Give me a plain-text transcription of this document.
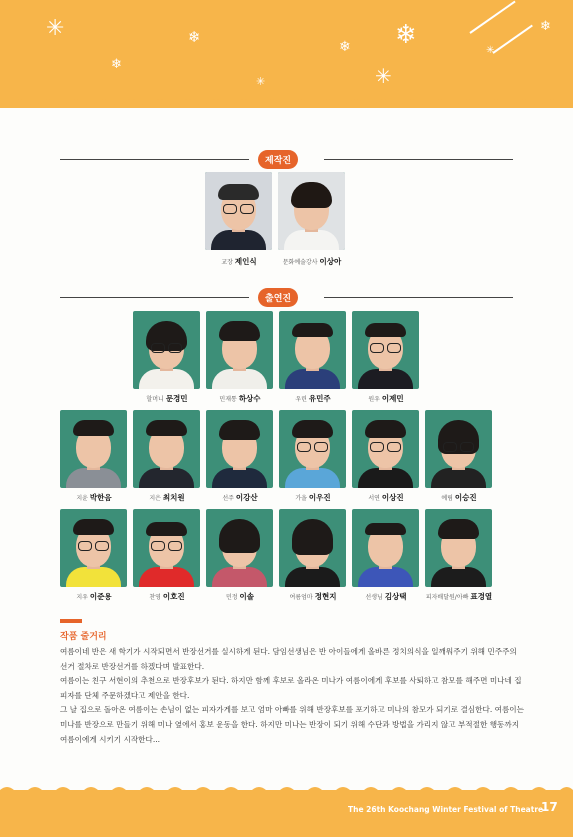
✳	❄
❄
✳
❄
✳
❄
✳
❄
제작진
교장 제인식	문화예술강사 이상아
출연진
할머니 문경민	민재통 하상수	우린 유민주	원우 이제민
지윤 박한음	지은 최치원	선주 이강산	가을 이우진	서연 이상진	예림 이승진
지우 이준용	찬영 이호진	민정 이솔	여름엄마 정현지	선생님 김상택	피자배달원/아빠 표경열
작품 줄거리

여름이네 반은 새 학기가 시작되면서 반장선거를 실시하게 된다. 담임선생님은 반 아이들에게 올바른 정치의식을 일깨워주기 위해 민주주의 선거 절차로 반장선거를 하겠다며 발표한다.

여름이는 친구 서현이의 추천으로 반장후보가 된다. 하지만 함께 후보로 올라온 미나가 여름이에게 후보를 사퇴하고 참모를 해주면 미나네 집 피자를 단체 주문하겠다고 제안을 한다.

그 날 집으로 돌아온 여름이는 손님이 없는 피자가게를 보고 엄마 아빠를 위해 반장후보를 포기하고 미나의 참모가 되기로 결심한다. 여름이는 미나를 반장으로 만들기 위해 미나 옆에서 홍보 운동을 한다. 하지만 미나는 반장이 되기 위해 수단과 방법을 가리지 않고 부적절한 행동까지 여름이에게 시키기 시작한다...

The 26th Koochang Winter Festival of Theatre
17
